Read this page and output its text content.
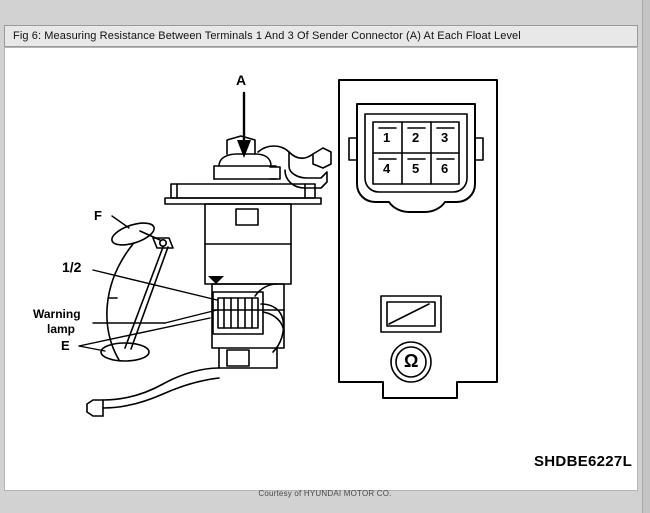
Fig 6: Measuring Resistance Between Terminals 1 And 3 Of Sender Connector (A) At Each Float Level
A
F
1/2
Warning
lamp
E
1 2 3
4 5 6
Ω
SHDBE6227L
Courtesy of HYUNDAI MOTOR CO.
